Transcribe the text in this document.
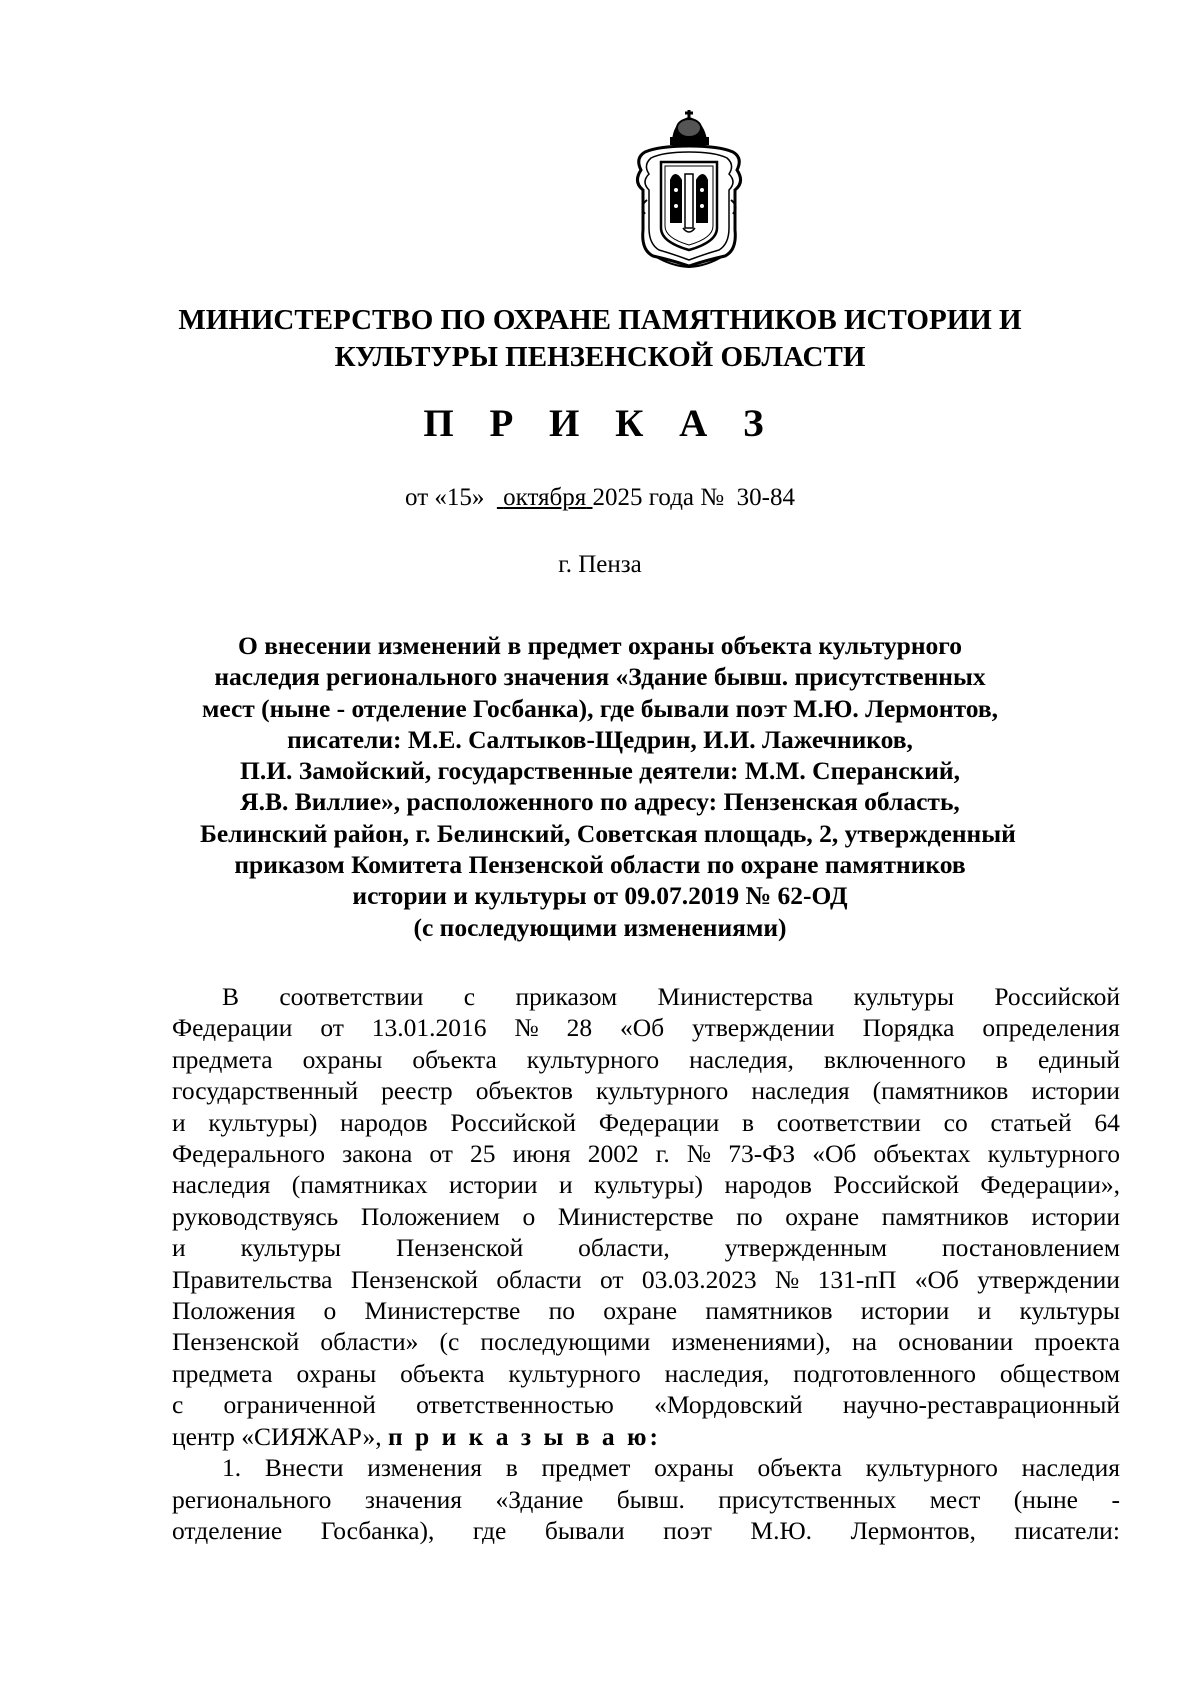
МИНИСТЕРСТВО ПО ОХРАНЕ ПАМЯТНИКОВ ИСТОРИИ И
КУЛЬТУРЫ ПЕНЗЕНСКОЙ ОБЛАСТИ
П Р И К А З
от «15» октября 2025 года № 30-84
г. Пенза
О внесении изменений в предмет охраны объекта культурного
наследия регионального значения «Здание бывш. присутственных
мест (ныне - отделение Госбанка), где бывали поэт М.Ю. Лермонтов,
писатели: М.Е. Салтыков-Щедрин, И.И. Лажечников,
П.И. Замойский, государственные деятели: М.М. Сперанский,
Я.В. Виллие», расположенного по адресу: Пензенская область,
Белинский район, г. Белинский, Советская площадь, 2, утвержденный
приказом Комитета Пензенской области по охране памятников
истории и культуры от 09.07.2019 № 62-ОД
(с последующими изменениями)
В соответствии с приказом Министерства культуры Российской
Федерации от 13.01.2016 № 28 «Об утверждении Порядка определения
предмета охраны объекта культурного наследия, включенного в единый
государственный реестр объектов культурного наследия (памятников истории
и культуры) народов Российской Федерации в соответствии со статьей 64
Федерального закона от 25 июня 2002 г. № 73-ФЗ «Об объектах культурного
наследия (памятниках истории и культуры) народов Российской Федерации»,
руководствуясь Положением о Министерстве по охране памятников истории
и культуры Пензенской области, утвержденным постановлением
Правительства Пензенской области от 03.03.2023 № 131-пП «Об утверждении
Положения о Министерстве по охране памятников истории и культуры
Пензенской области» (с последующими изменениями), на основании проекта
предмета охраны объекта культурного наследия, подготовленного обществом
с ограниченной ответственностью «Мордовский научно-реставрационный
центр «СИЯЖАР», п р и к а з ы в а ю:
1. Внести изменения в предмет охраны объекта культурного наследия
регионального значения «Здание бывш. присутственных мест (ныне -
отделение Госбанка), где бывали поэт М.Ю. Лермонтов, писатели:
